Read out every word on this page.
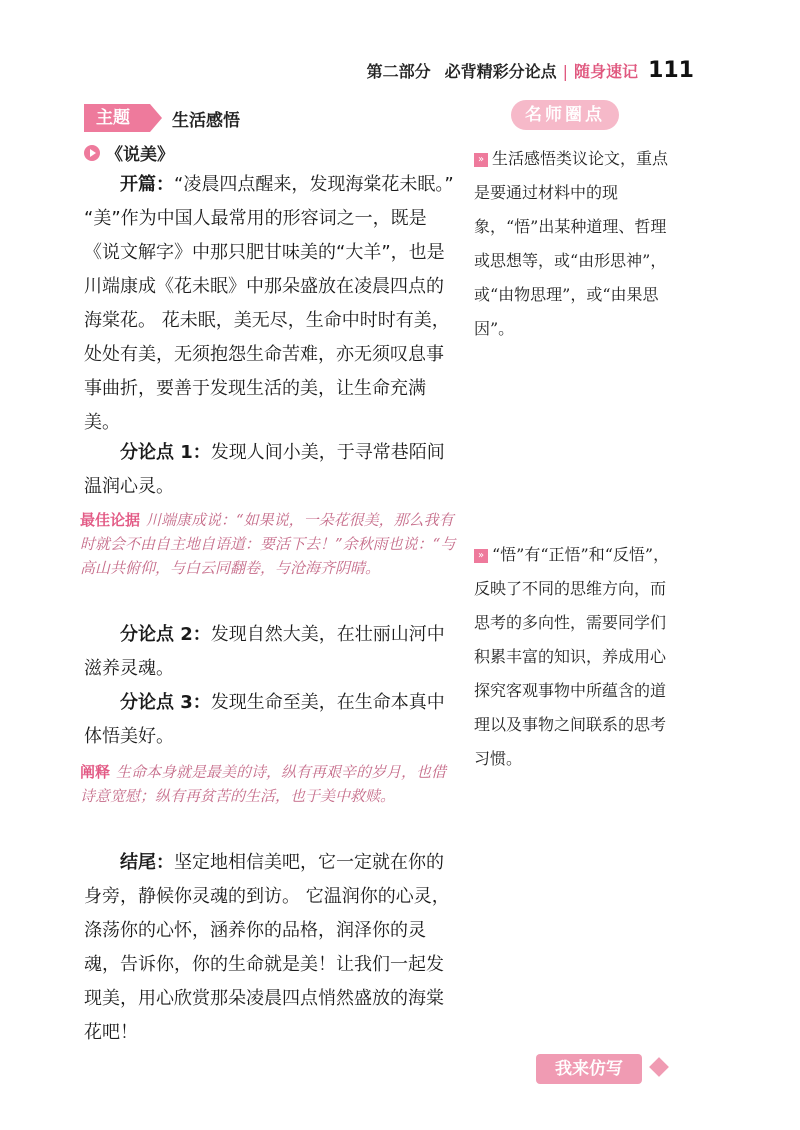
第二部分 必背精彩分论点 | 随身速记 111
主题	生活感悟	名师圈点
《说美》
开篇：“凌晨四点醒来，发现海棠花未眠。” “美”作为中国人最常用的形容词之一，既是《说文解字》中那只肥甘味美的“大羊”，也是川端康成《花未眠》中那朵盛放在凌晨四点的海棠花。 花未眠，美无尽，生命中时时有美，处处有美，无须抱怨生命苦难，亦无须叹息事事曲折，要善于发现生活的美，让生命充满美。
分论点 1：发现人间小美，于寻常巷陌间温润心灵。
最佳论据 川端康成说：“如果说，一朵花很美，那么我有时就会不由自主地自语道：要活下去！”余秋雨也说：“与高山共俯仰，与白云同翻卷，与沧海齐阴晴。
分论点 2：发现自然大美，在壮丽山河中滋养灵魂。
分论点 3：发现生命至美，在生命本真中体悟美好。
阐释 生命本身就是最美的诗，纵有再艰辛的岁月，也借诗意宽慰；纵有再贫苦的生活，也于美中救赎。
结尾：坚定地相信美吧，它一定就在你的身旁，静候你灵魂的到访。 它温润你的心灵，涤荡你的心怀，涵养你的品格，润泽你的灵魂，告诉你，你的生命就是美！让我们一起发现美，用心欣赏那朵凌晨四点悄然盛放的海棠花吧！
» 生活感悟类议论文，重点是要通过材料中的现象，“悟”出某种道理、哲理或思想等，或“由形思神”，或“由物思理”，或“由果思因”。
» “悟”有“正悟”和“反悟”，反映了不同的思维方向，而思考的多向性，需要同学们积累丰富的知识，养成用心探究客观事物中所蕴含的道理以及事物之间联系的思考习惯。
我来仿写
